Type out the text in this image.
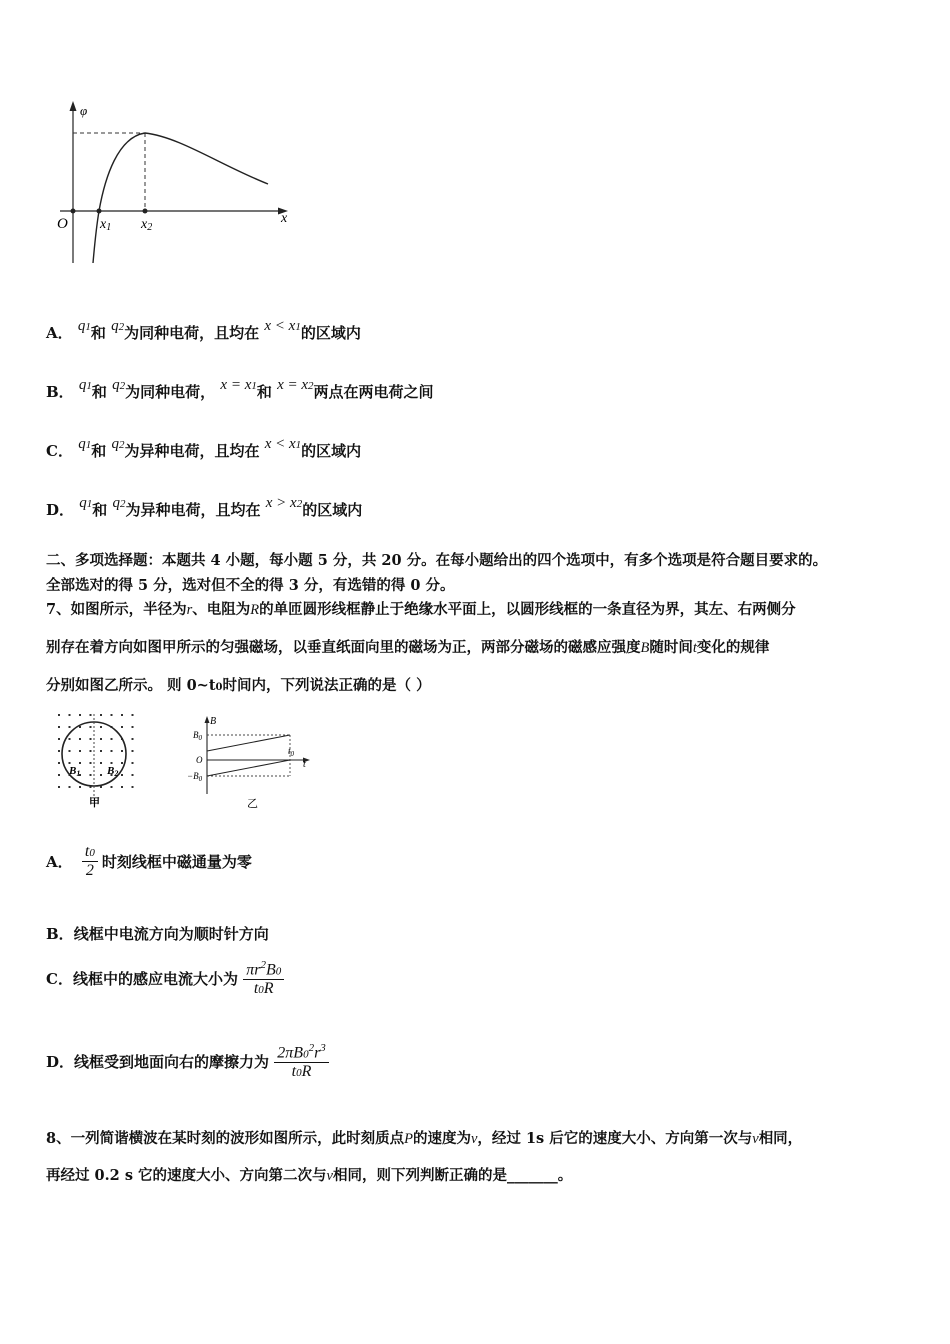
φ
x
O x1 x2
A． q1和 q2为同种电荷，且均在 x < x1的区域内
B． q1和 q2为同种电荷， x = x1和 x = x2两点在两电荷之间
C． q1和 q2为异种电荷，且均在 x < x1的区域内
D． q1和 q2为异种电荷，且均在 x > x2的区域内
二、多项选择题：本题共 4 小题，每小题 5 分，共 20 分。在每小题给出的四个选项中，有多个选项是符合题目要求的。
全部选对的得 5 分，选对但不全的得 3 分，有选错的得 0 分。
7、如图所示，半径为r、电阻为R的单匝圆形线框静止于绝缘水平面上，以圆形线框的一条直径为界，其左、右两侧分
别存在着方向如图甲所示的匀强磁场，以垂直纸面向里的磁场为正，两部分磁场的磁感应强度B随时间t变化的规律
分别如图乙所示。 则 0~t0时间内，下列说法正确的是（ ）
B1 B2
甲
B
$B_0$
O
$-B_0$
$t_0$
t
乙
A． $\frac{t0}{2}$ 时刻线框中磁通量为零
B．线框中电流方向为顺时针方向
C．线框中的感应电流大小为 $\frac{\pi r^2B0}{t0R}$
D．线框受到地面向右的摩擦力为 $\frac{2\pi B0^2r^3}{t0R}$
8、一列简谐横波在某时刻的波形如图所示，此时刻质点P的速度为v，经过 1s 后它的速度大小、方向第一次与v相同，
再经过 0.2 s 它的速度大小、方向第二次与v相同，则下列判断正确的是_______。
